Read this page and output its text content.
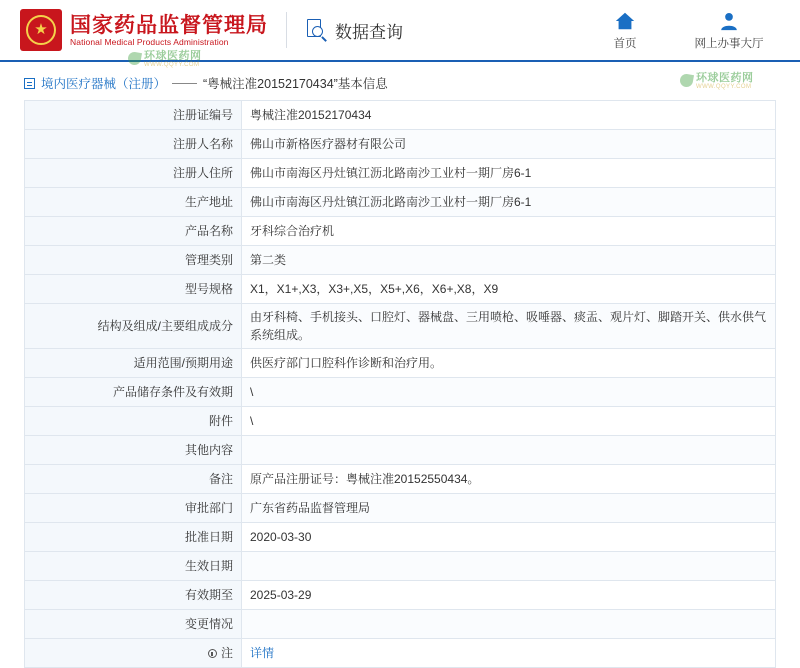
★
国家药品监督管理局
National Medical Products Administration	数据查询
首页	网上办事大厅
环球医药网
WWW.QQYY.COM
环球医药网
WWW.QQYY.COM
境内医疗器械（注册） —— “粤械注准20152170434”基本信息
注册证编号	粤械注准20152170434
注册人名称	佛山市新格医疗器材有限公司
注册人住所	佛山市南海区丹灶镇江沥北路南沙工业村一期厂房6-1
生产地址	佛山市南海区丹灶镇江沥北路南沙工业村一期厂房6-1
产品名称	牙科综合治疗机
管理类别	第二类
型号规格	X1，X1+,X3，X3+,X5，X5+,X6，X6+,X8，X9
结构及组成/主要组成成分	由牙科椅、手机接头、口腔灯、器械盘、三用喷枪、吸唾器、痰盂、观片灯、脚踏开关、供水供气系统组成。
适用范围/预期用途	供医疗部门口腔科作诊断和治疗用。
产品储存条件及有效期	\
附件	\
其他内容	
备注	原产品注册证号：粤械注准20152550434。
审批部门	广东省药品监督管理局
批准日期	2020-03-30
生效日期	
有效期至	2025-03-29
变更情况	
注	详情
